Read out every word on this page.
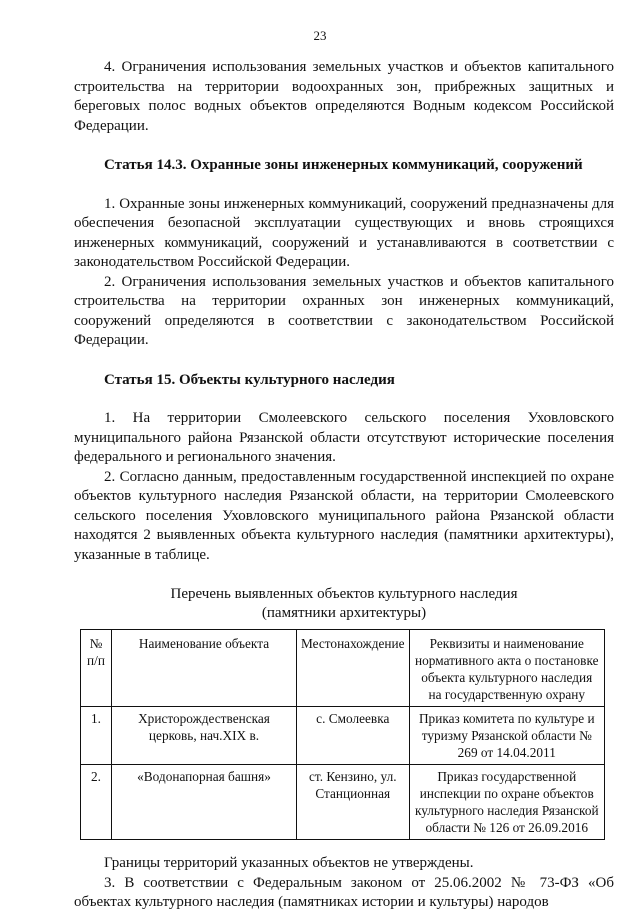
23

4. Ограничения использования земельных участков и объектов капитального строительства на территории водоохранных зон, прибрежных защитных и береговых полос водных объектов определяются Водным кодексом Российской Федерации.

Статья 14.3. Охранные зоны инженерных коммуникаций, сооружений

1. Охранные зоны инженерных коммуникаций, сооружений предназначены для обеспечения безопасной эксплуатации существующих и вновь строящихся инженерных коммуникаций, сооружений и устанавливаются в соответствии с законодательством Российской Федерации.

2. Ограничения использования земельных участков и объектов капитального строительства на территории охранных зон инженерных коммуникаций, сооружений определяются в соответствии с законодательством Российской Федерации.

Статья 15. Объекты культурного наследия

1. На территории Смолеевского сельского поселения Уховловского муниципального района Рязанской области отсутствуют исторические поселения федерального и регионального значения.

2. Согласно данным, предоставленным государственной инспекцией по охране объектов культурного наследия Рязанской области, на территории Смолеевского сельского поселения Уховловского муниципального района Рязанской области находятся 2 выявленных объекта культурного наследия (памятники архитектуры), указанные в таблице.

Перечень выявленных объектов культурного наследия
(памятники архитектуры)
№ п/п	Наименование объекта	Местонахождение	Реквизиты и наименование нормативного акта о постановке объекта культурного наследия на государственную охрану
1.	Христорождественская церковь, нач.XIX в.	с. Смолеевка	Приказ комитета по культуре и туризму Рязанской области № 269 от 14.04.2011
2.	«Водонапорная башня»	ст. Кензино, ул. Станционная	Приказ государственной инспекции по охране объектов культурного наследия Рязанской области № 126 от 26.09.2016

Границы территорий указанных объектов не утверждены.

3. В соответствии с Федеральным законом от 25.06.2002 № 73-ФЗ «Об объектах культурного наследия (памятниках истории и культуры) народов
